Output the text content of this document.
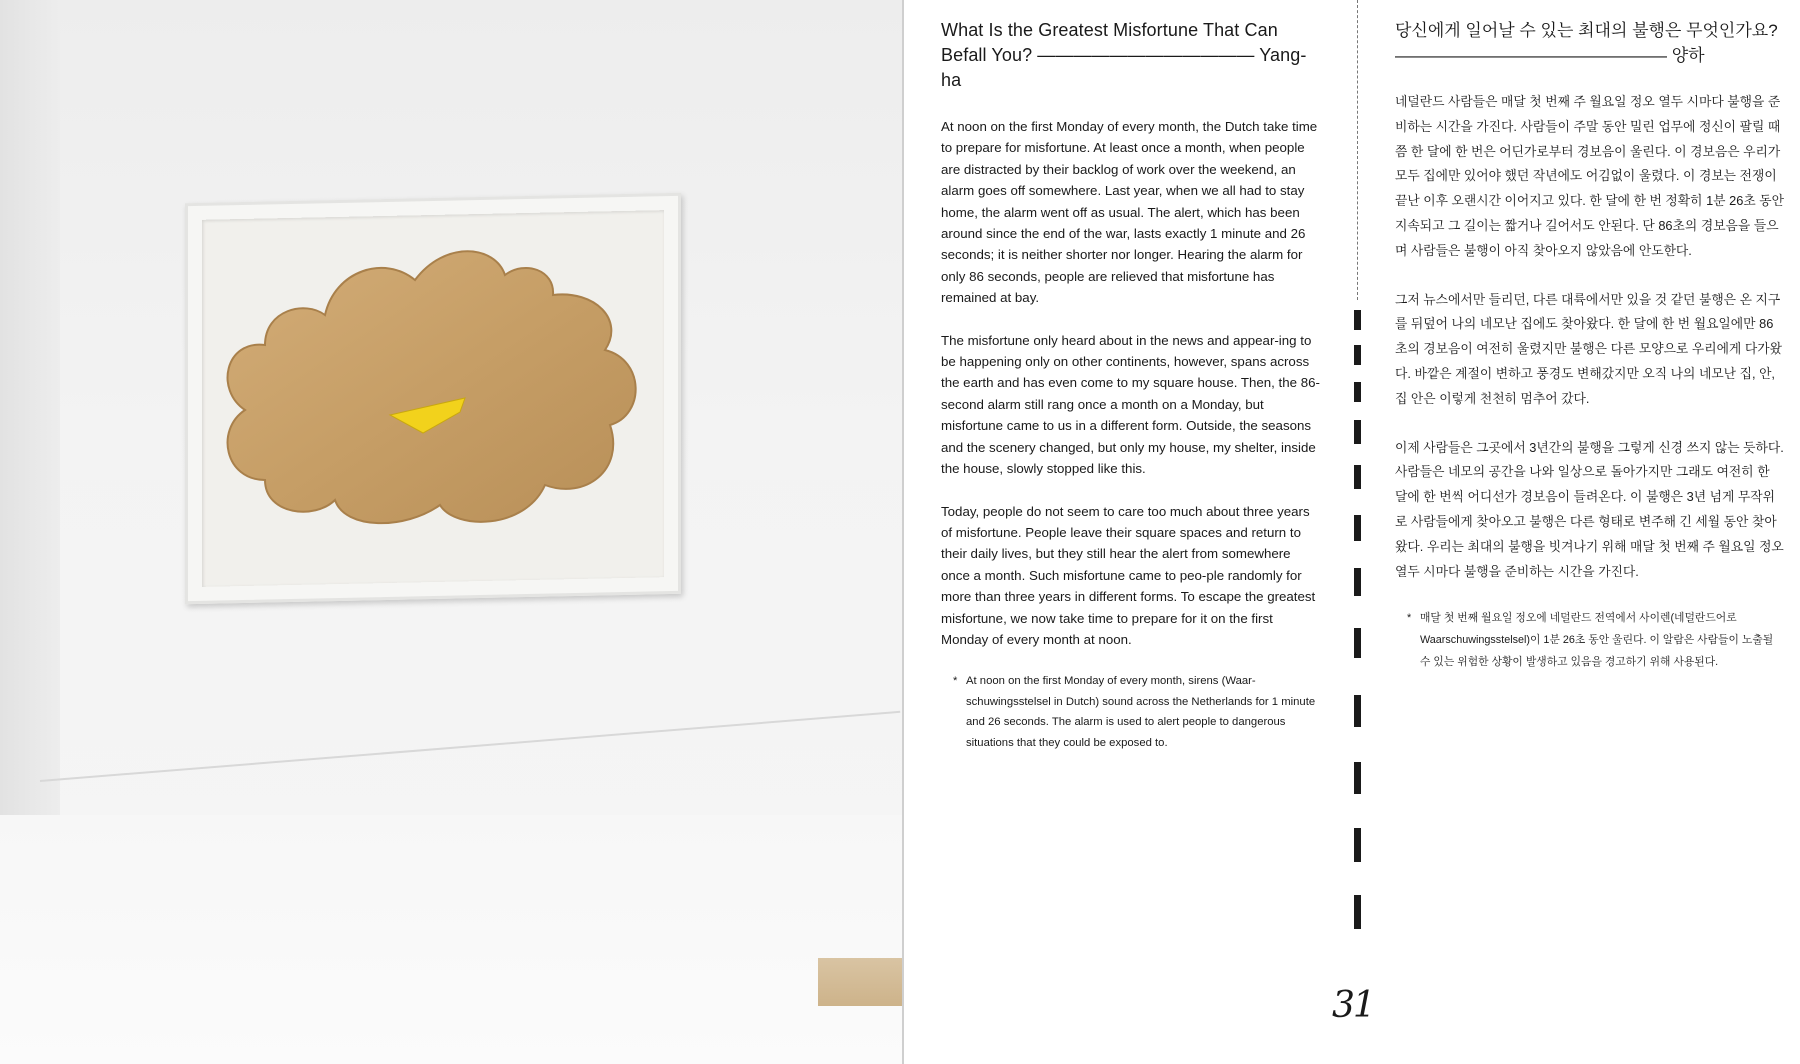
What Is the Greatest Misfortune That Can Befall You? ———————————— Yang-ha

At noon on the first Monday of every month, the Dutch take time to prepare for misfortune. At least once a month, when people are distracted by their backlog of work over the weekend, an alarm goes off somewhere. Last year, when we all had to stay home, the alarm went off as usual. The alert, which has been around since the end of the war, lasts exactly 1 minute and 26 seconds; it is neither shorter nor longer. Hearing the alarm for only 86 seconds, people are relieved that misfortune has remained at bay.

The misfortune only heard about in the news and appear-ing to be happening only on other continents, however, spans across the earth and has even come to my square house. Then, the 86-second alarm still rang once a month on a Monday, but misfortune came to us in a different form. Outside, the seasons and the scenery changed, but only my house, my shelter, inside the house, slowly stopped like this.

Today, people do not seem to care too much about three years of misfortune. People leave their square spaces and return to their daily lives, but they still hear the alert from somewhere once a month. Such misfortune came to peo-ple randomly for more than three years in different forms. To escape the greatest misfortune, we now take time to prepare for it on the first Monday of every month at noon.

* At noon on the first Monday of every month, sirens (Waar-schuwingsstelsel in Dutch) sound across the Netherlands for 1 minute and 26 seconds. The alarm is used to alert people to dangerous situations that they could be exposed to.

당신에게 일어날 수 있는 최대의 불행은 무엇인가요? ———————————————— 양하

네덜란드 사람들은 매달 첫 번째 주 월요일 정오 열두 시마다 불행을 준비하는 시간을 가진다. 사람들이 주말 동안 밀린 업무에 정신이 팔릴 때쯤 한 달에 한 번은 어딘가로부터 경보음이 울린다. 이 경보음은 우리가 모두 집에만 있어야 했던 작년에도 어김없이 울렸다. 이 경보는 전쟁이 끝난 이후 오랜시간 이어지고 있다. 한 달에 한 번 정확히 1분 26초 동안 지속되고 그 길이는 짧거나 길어서도 안된다. 단 86초의 경보음을 들으며 사람들은 불행이 아직 찾아오지 않았음에 안도한다.

그저 뉴스에서만 들리던, 다른 대륙에서만 있을 것 같던 불행은 온 지구를 뒤덮어 나의 네모난 집에도 찾아왔다. 한 달에 한 번 월요일에만 86초의 경보음이 여전히 울렸지만 불행은 다른 모양으로 우리에게 다가왔다. 바깥은 계절이 변하고 풍경도 변해갔지만 오직 나의 네모난 집, 안, 집 안은 이렇게 천천히 멈추어 갔다.

이제 사람들은 그곳에서 3년간의 불행을 그렇게 신경 쓰지 않는 듯하다. 사람들은 네모의 공간을 나와 일상으로 돌아가지만 그래도 여전히 한 달에 한 번씩 어디선가 경보음이 들려온다. 이 불행은 3년 넘게 무작위로 사람들에게 찾아오고 불행은 다른 형태로 변주해 긴 세월 동안 찾아왔다. 우리는 최대의 불행을 빗겨나기 위해 매달 첫 번째 주 월요일 정오 열두 시마다 불행을 준비하는 시간을 가진다.

* 매달 첫 번째 월요일 정오에 네덜란드 전역에서 사이렌(네덜란드어로 Waarschuwingsstelsel)이 1분 26초 동안 울린다. 이 알람은 사람들이 노출될 수 있는 위험한 상황이 발생하고 있음을 경고하기 위해 사용된다.

31
